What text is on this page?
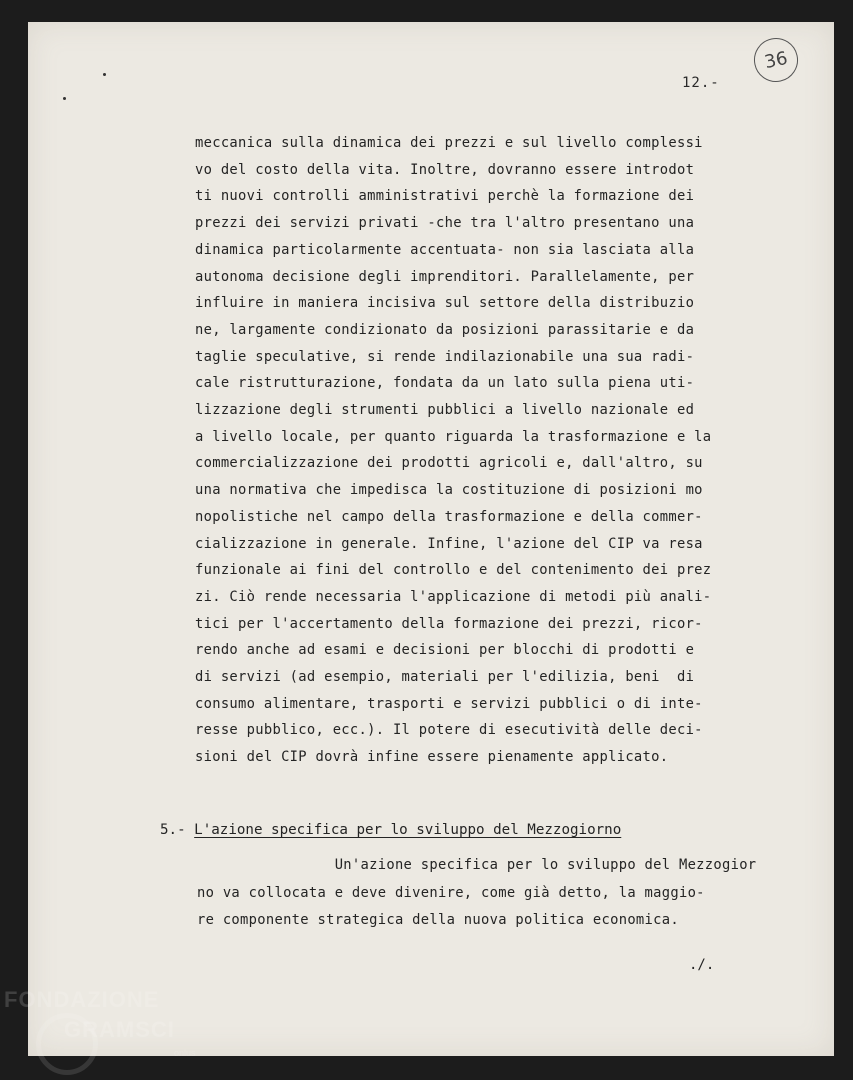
36
12.-

meccanica sulla dinamica dei prezzi e sul livello complessi

vo del costo della vita. Inoltre, dovranno essere introdot

ti nuovi controlli amministrativi perchè la formazione dei

prezzi dei servizi privati -che tra l'altro presentano una

dinamica particolarmente accentuata- non sia lasciata alla

autonoma decisione degli imprenditori. Parallelamente, per

influire in maniera incisiva sul settore della distribuzio

ne, largamente condizionato da posizioni parassitarie e da

taglie speculative, si rende indilazionabile una sua radi-

cale ristrutturazione, fondata da un lato sulla piena uti-

lizzazione degli strumenti pubblici a livello nazionale ed

a livello locale, per quanto riguarda la trasformazione e la

commercializzazione dei prodotti agricoli e, dall'altro, su

una normativa che impedisca la costituzione di posizioni mo

nopolistiche nel campo della trasformazione e della commer-

cializzazione in generale. Infine, l'azione del CIP va resa

funzionale ai fini del controllo e del contenimento dei prez

zi. Ciò rende necessaria l'applicazione di metodi più anali-

tici per l'accertamento della formazione dei prezzi, ricor-

rendo anche ad esami e decisioni per blocchi di prodotti e

di servizi (ad esempio, materiali per l'edilizia, beni  di

consumo alimentare, trasporti e servizi pubblici o di inte-

resse pubblico, ecc.). Il potere di esecutività delle deci-

sioni del CIP dovrà infine essere pienamente applicato.

5.- L'azione specifica per lo sviluppo del Mezzogiorno

Un'azione specifica per lo sviluppo del Mezzogior

no va collocata e deve divenire, come già detto, la maggio-

re componente strategica della nuova politica economica.

./.
FONDAZIONE
GRAMSCI
onlus
